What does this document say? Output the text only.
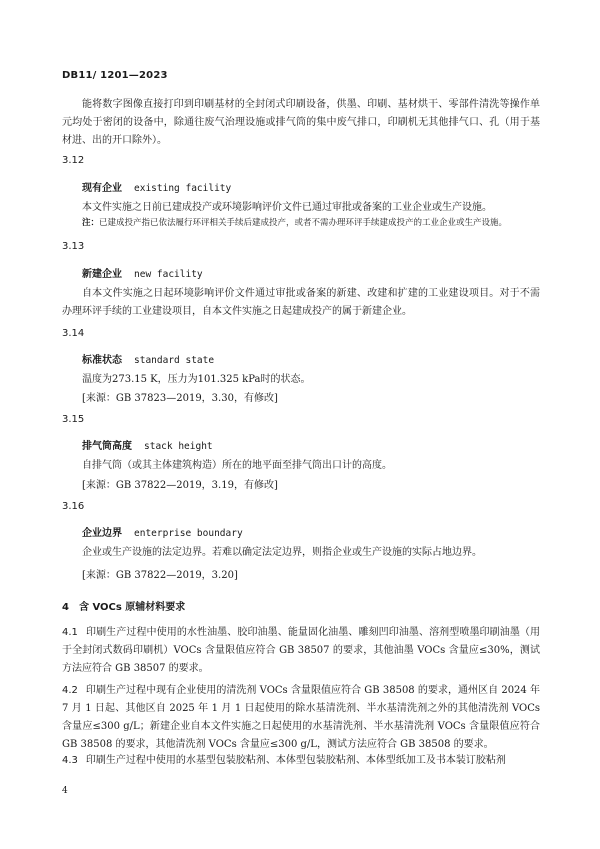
DB11/ 1201—2023
能将数字图像直接打印到印刷基材的全封闭式印刷设备，供墨、印刷、基材烘干、零部件清洗等操作单元均处于密闭的设备中，除通往废气治理设施或排气筒的集中废气排口，印刷机无其他排气口、孔（用于基材进、出的开口除外）。
3.12
现有企业 existing facility
本文件实施之日前已建成投产或环境影响评价文件已通过审批或备案的工业企业或生产设施。
注：已建成投产指已依法履行环评相关手续后建成投产，或者不需办理环评手续建成投产的工业企业或生产设施。
3.13
新建企业 new facility
自本文件实施之日起环境影响评价文件通过审批或备案的新建、改建和扩建的工业建设项目。对于不需办理环评手续的工业建设项目，自本文件实施之日起建成投产的属于新建企业。
3.14
标准状态 standard state
温度为273.15 K，压力为101.325 kPa时的状态。
[来源：GB 37823—2019，3.30，有修改]
3.15
排气筒高度 stack height
自排气筒（或其主体建筑构造）所在的地平面至排气筒出口计的高度。
[来源：GB 37822—2019，3.19，有修改]
3.16
企业边界 enterprise boundary
企业或生产设施的法定边界。若难以确定法定边界，则指企业或生产设施的实际占地边界。
[来源：GB 37822—2019，3.20]
4　含 VOCs 原辅材料要求
4.1 印刷生产过程中使用的水性油墨、胶印油墨、能量固化油墨、雕刻凹印油墨、溶剂型喷墨印刷油墨（用于全封闭式数码印刷机）VOCs 含量限值应符合 GB 38507 的要求，其他油墨 VOCs 含量应≤30%，测试方法应符合 GB 38507 的要求。
4.2 印刷生产过程中现有企业使用的清洗剂 VOCs 含量限值应符合 GB 38508 的要求，通州区自 2024 年 7 月 1 日起、其他区自 2025 年 1 月 1 日起使用的除水基清洗剂、半水基清洗剂之外的其他清洗剂 VOCs 含量应≤300 g/L；新建企业自本文件实施之日起使用的水基清洗剂、半水基清洗剂 VOCs 含量限值应符合 GB 38508 的要求，其他清洗剂 VOCs 含量应≤300 g/L，测试方法应符合 GB 38508 的要求。
4.3 印刷生产过程中使用的水基型包装胶粘剂、本体型包装胶粘剂、本体型纸加工及书本装订胶粘剂
4
